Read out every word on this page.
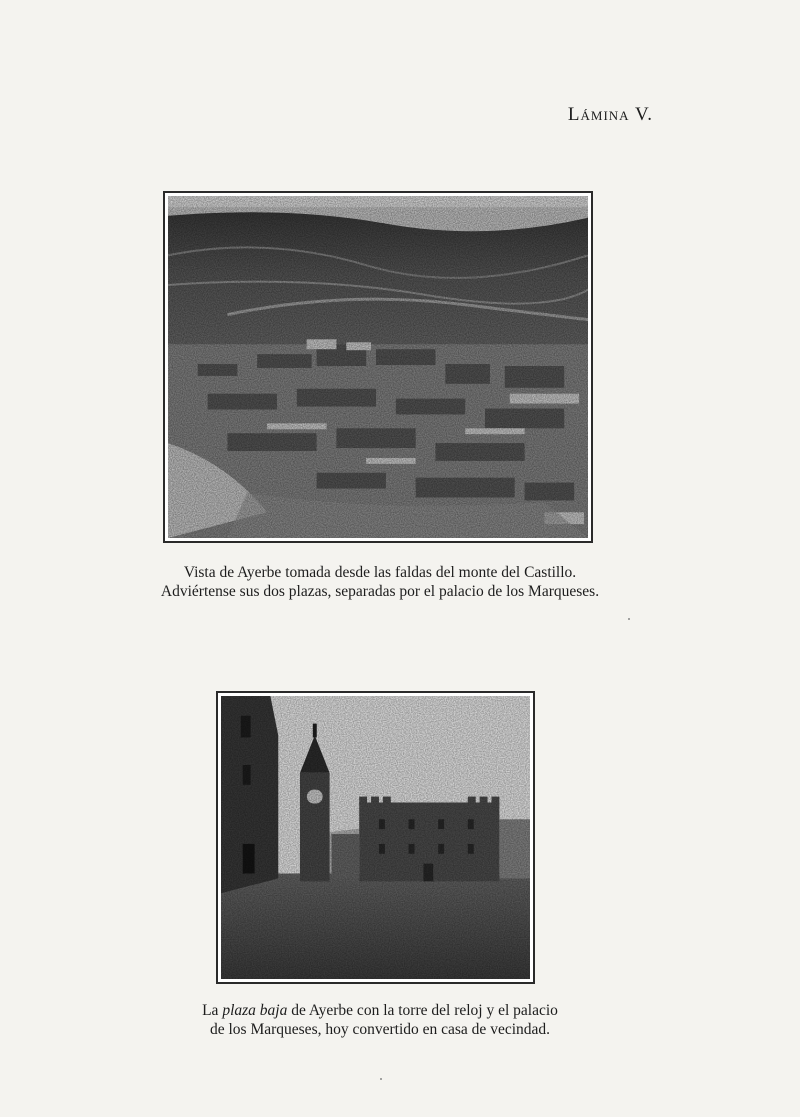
Lámina V.
Vista de Ayerbe tomada desde las faldas del monte del Castillo.
Adviértense sus dos plazas, separadas por el palacio de los Marqueses.
La plaza baja de Ayerbe con la torre del reloj y el palacio
de los Marqueses, hoy convertido en casa de vecindad.
